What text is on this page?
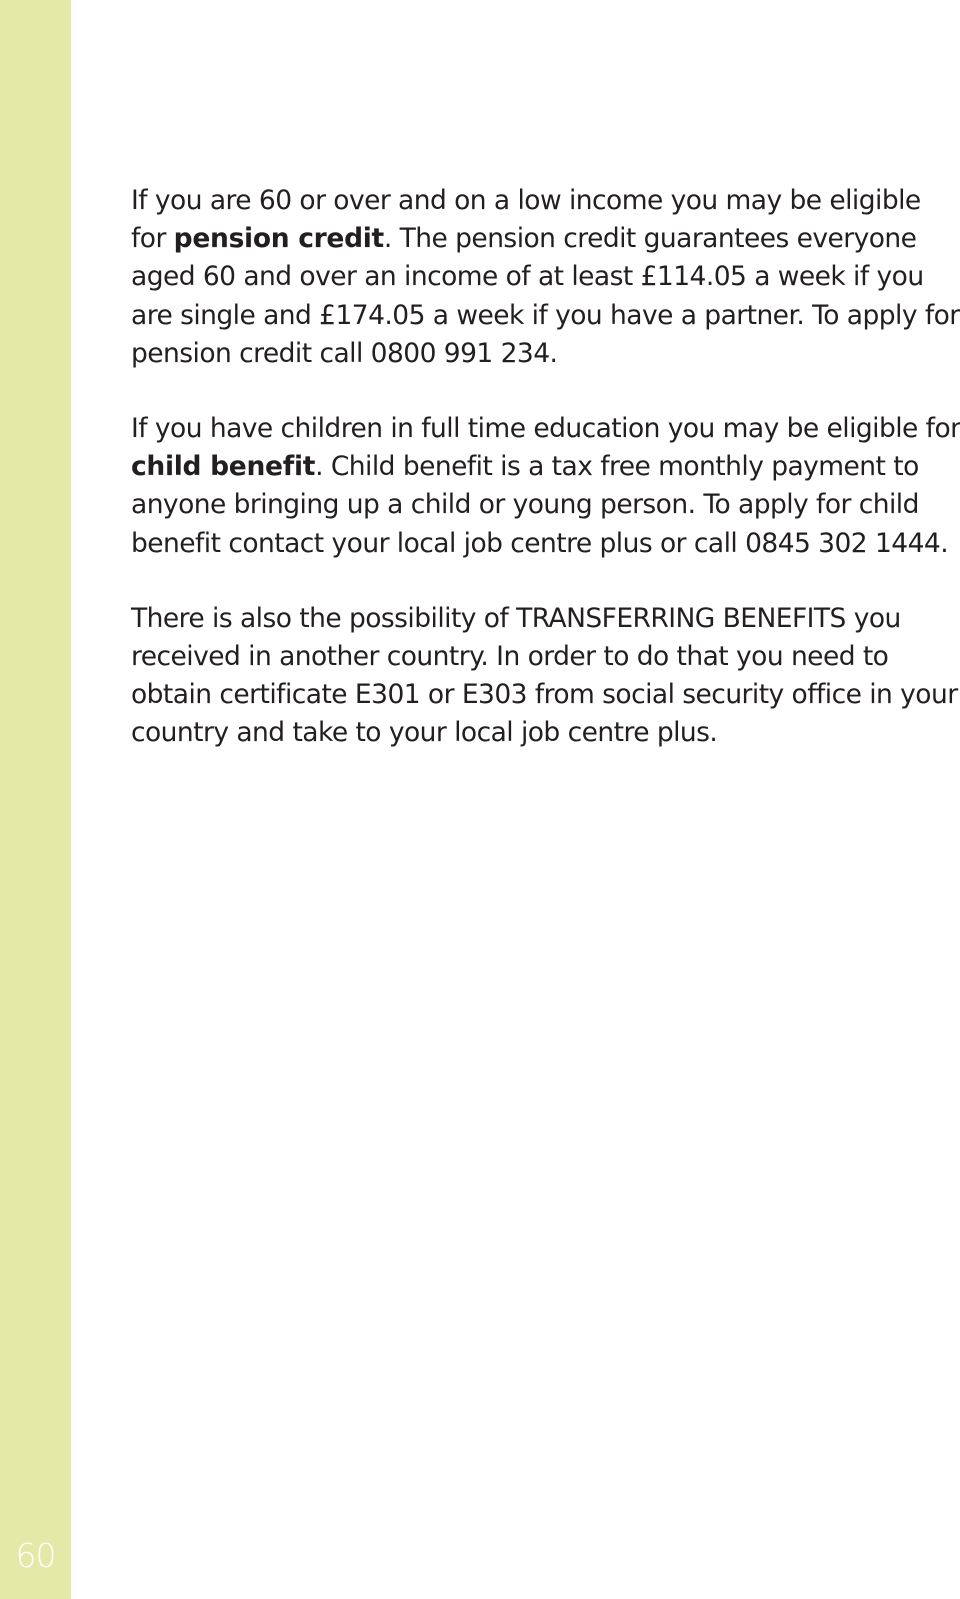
60

If you are 60 or over and on a low income you may be eligible
for pension credit. The pension credit guarantees everyone
aged 60 and over an income of at least £114.05 a week if you
are single and £174.05 a week if you have a partner. To apply for
pension credit call 0800 991 234.

If you have children in full time education you may be eligible for
child benefit. Child benefit is a tax free monthly payment to
anyone bringing up a child or young person. To apply for child
benefit contact your local job centre plus or call 0845 302 1444.

There is also the possibility of TRANSFERRING BENEFITS you
received in another country. In order to do that you need to
obtain certificate E301 or E303 from social security office in your
country and take to your local job centre plus.
